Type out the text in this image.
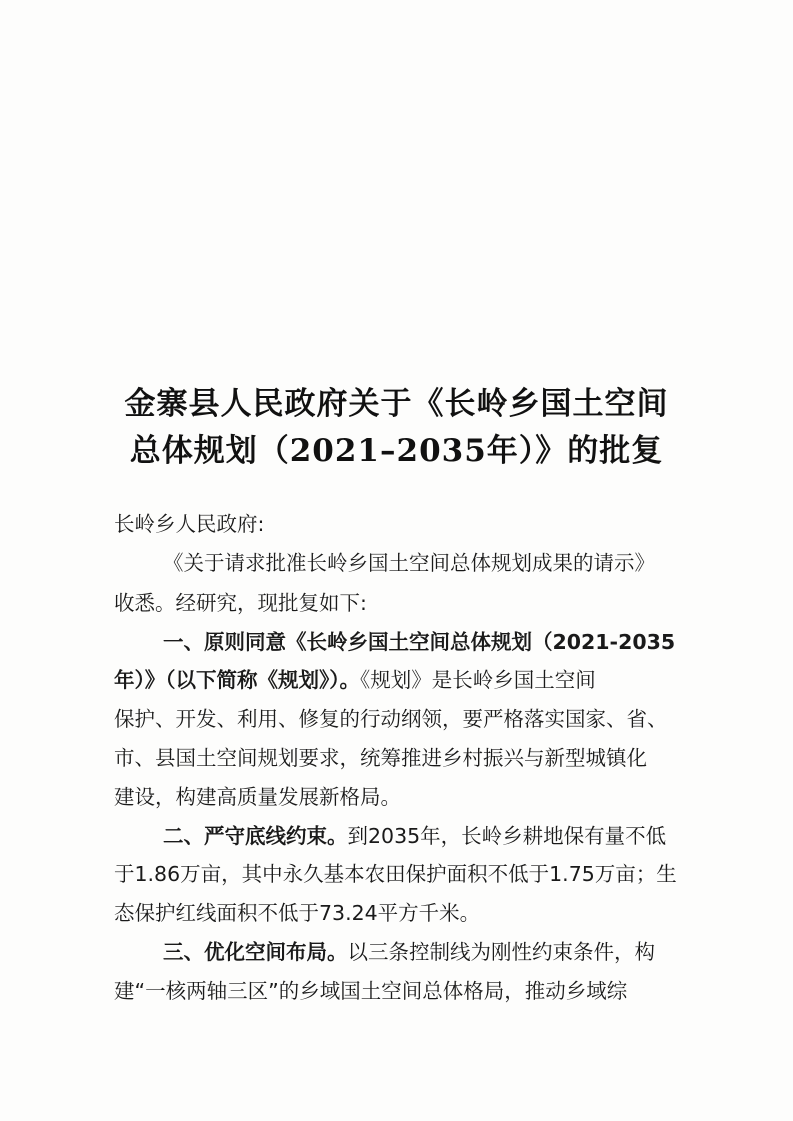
金寨县人民政府关于《长岭乡国土空间
总体规划（2021–2035年）》的批复
长岭乡人民政府:
《关于请求批准长岭乡国土空间总体规划成果的请示》
收悉。经研究，现批复如下:
一、原则同意《长岭乡国土空间总体规划（2021-2035
年）》（以下简称《规划》）。《规划》是长岭乡国土空间
保护、开发、利用、修复的行动纲领，要严格落实国家、省、
市、县国土空间规划要求，统筹推进乡村振兴与新型城镇化
建设，构建高质量发展新格局。
二、严守底线约束。到2035年，长岭乡耕地保有量不低
于1.86万亩，其中永久基本农田保护面积不低于1.75万亩；生
态保护红线面积不低于73.24平方千米。
三、优化空间布局。以三条控制线为刚性约束条件，构
建“一核两轴三区”的乡域国土空间总体格局，推动乡域综
